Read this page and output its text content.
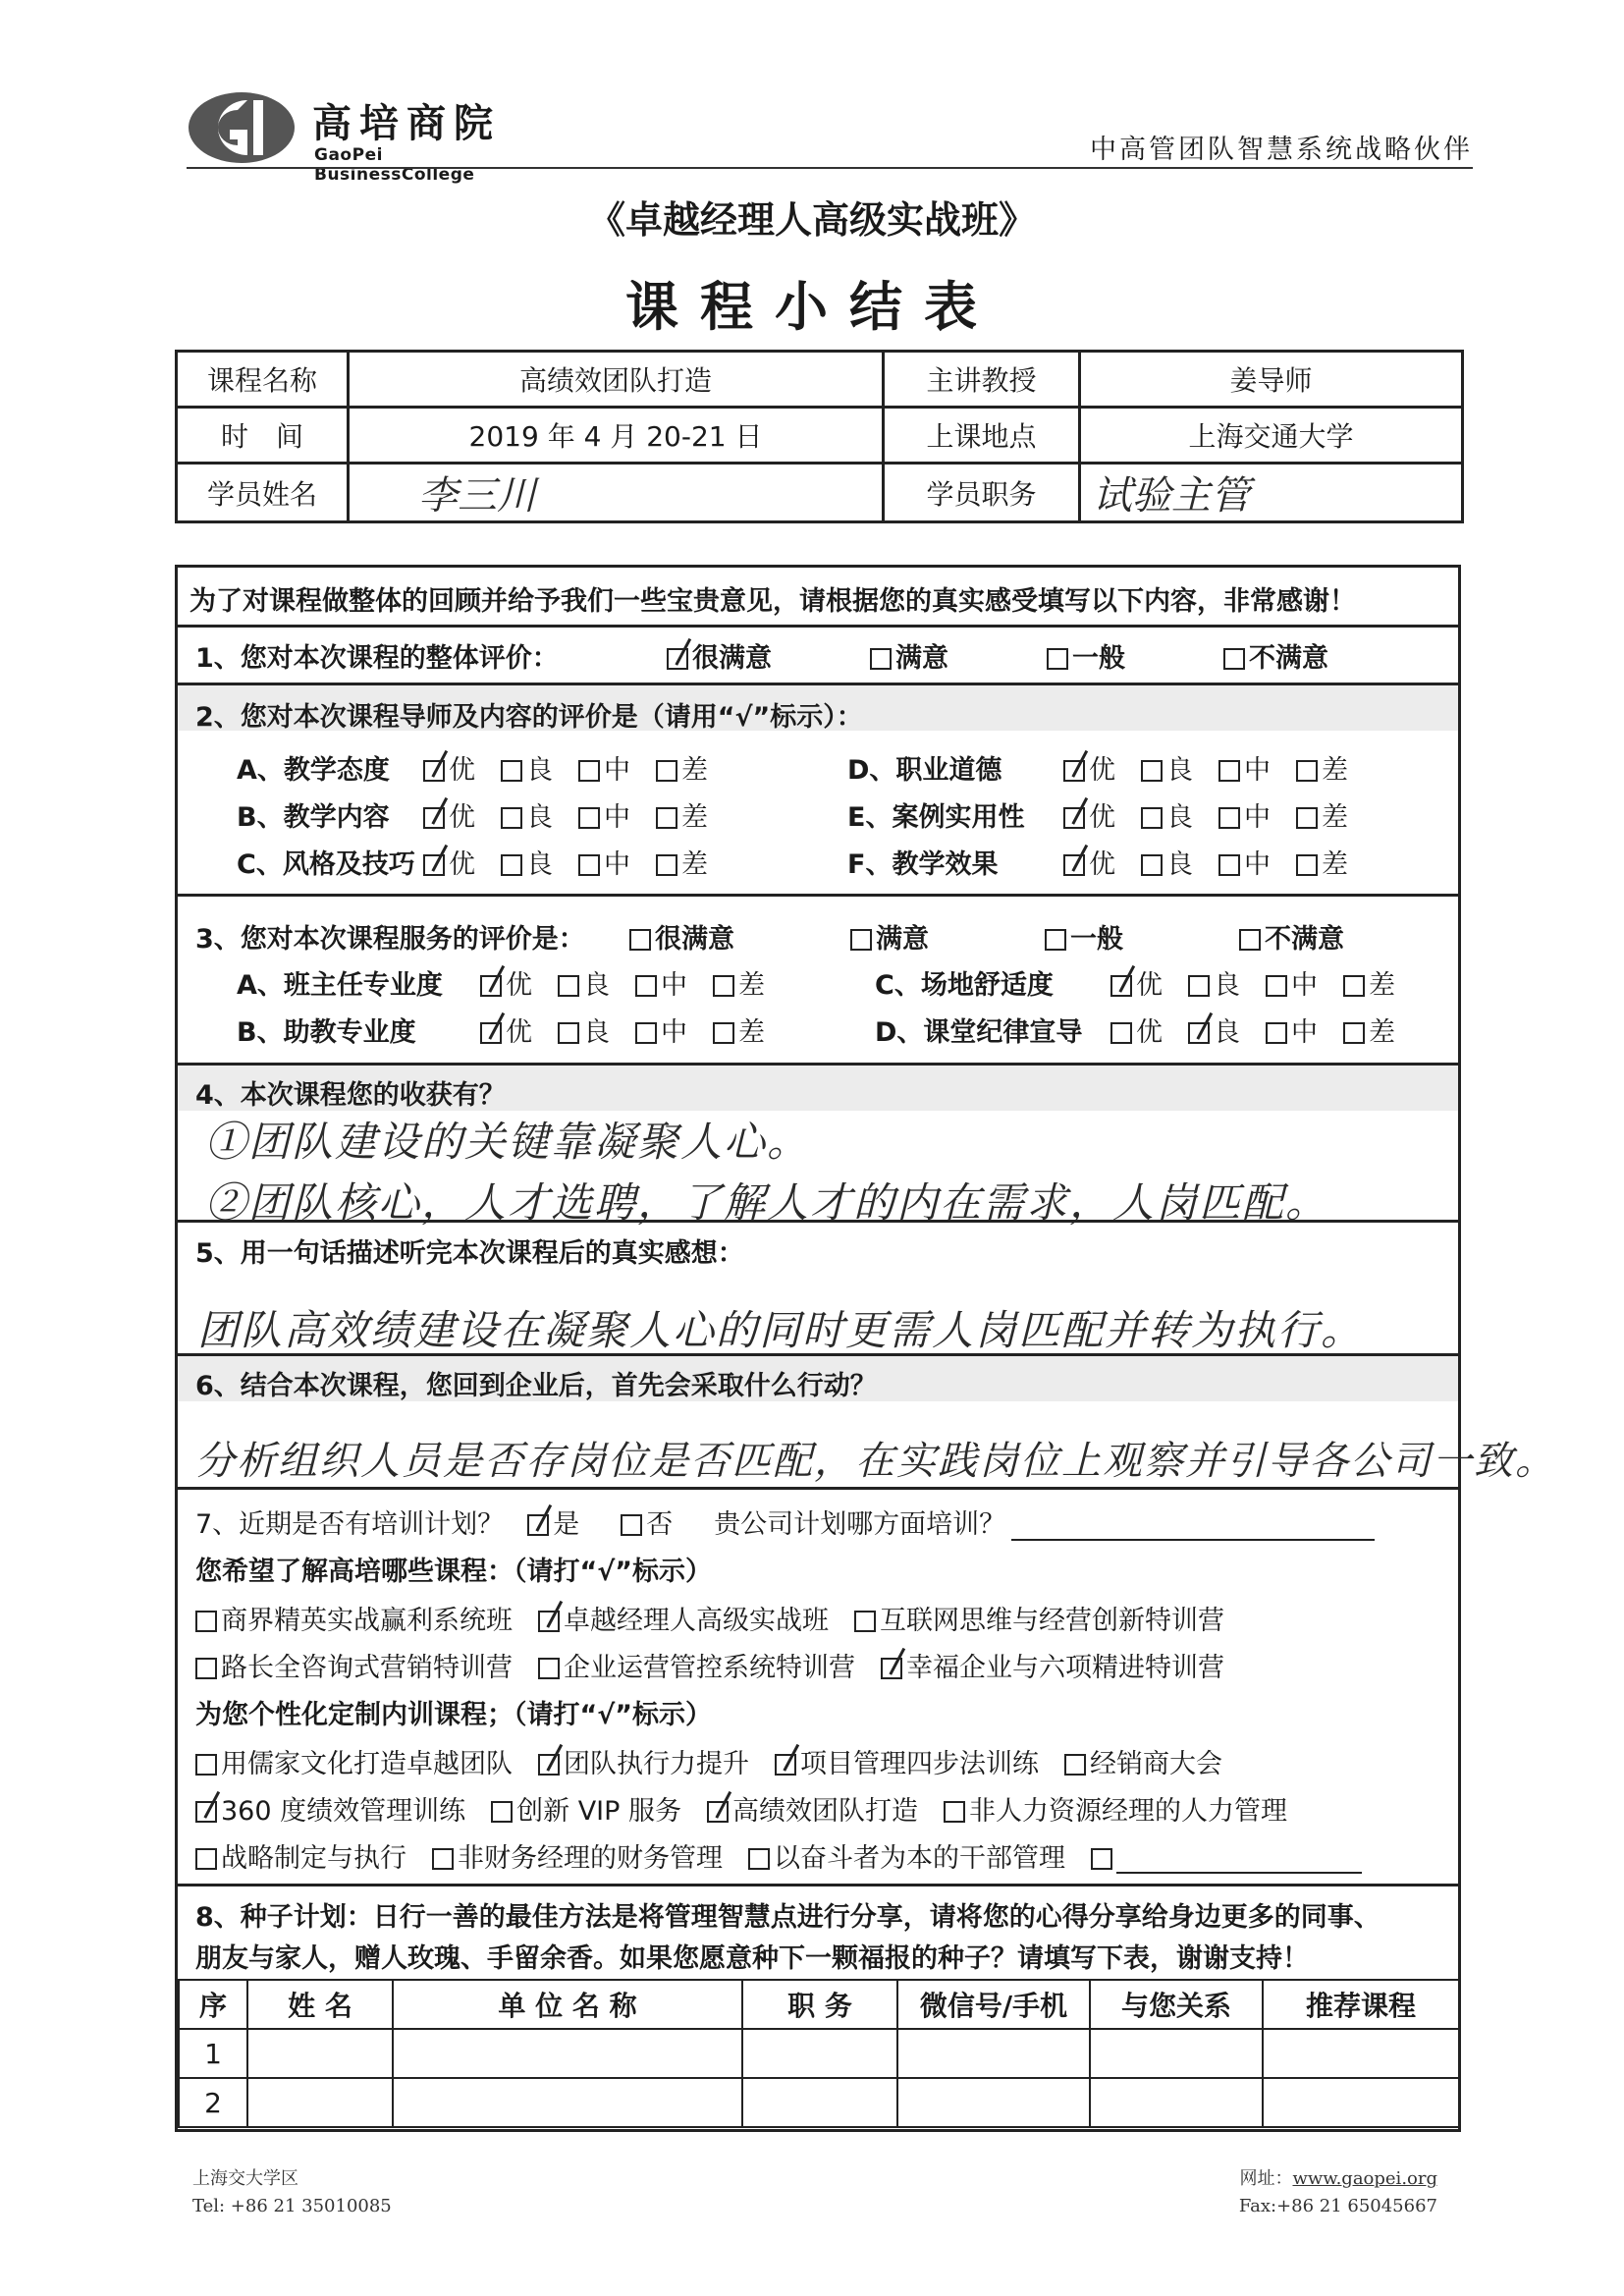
高培商院
GaoPei BusinessCollege
中高管团队智慧系统战略伙伴
《卓越经理人高级实战班》
课程小结表
课程名称	高绩效团队打造	主讲教授	姜导师
时　间	2019 年 4 月 20-21 日	上课地点	上海交通大学
学员姓名	李三川	学员职务	试验主管
为了对课程做整体的回顾并给予我们一些宝贵意见，请根据您的真实感受填写以下内容，非常感谢！
1、您对本次课程的整体评价：	很满意	满意	一般	不满意
2、您对本次课程导师及内容的评价是（请用“√”标示）：
A、教学态度 优 良 中 差	D、职业道德	优 良 中 差
B、教学内容 优 良 中 差	E、案例实用性 优 良 中 差
C、风格及技巧 优 良 中 差	F、教学效果	优 良 中 差
3、您对本次课程服务的评价是：	很满意	满意	一般	不满意
A、班主任专业度 优 良 中 差	C、场地舒适度	优 良 中 差
B、助教专业度	优 良 中 差	D、课堂纪律宣导 优 良 中 差
4、本次课程您的收获有？
①团队建设的关键靠凝聚人心。
②团队核心，人才选聘，了解人才的内在需求，人岗匹配。
5、用一句话描述听完本次课程后的真实感想：
团队高效绩建设在凝聚人心的同时更需人岗匹配并转为执行。
6、结合本次课程，您回到企业后，首先会采取什么行动？
分析组织人员是否存岗位是否匹配，在实践岗位上观察并引导各公司一致。
7、近期是否有培训计划？ 是	否 贵公司计划哪方面培训？
您希望了解高培哪些课程：（请打“√”标示）
商界精英实战赢利系统班 卓越经理人高级实战班 互联网思维与经营创新特训营
路长全咨询式营销特训营 企业运营管控系统特训营 幸福企业与六项精进特训营
为您个性化定制内训课程；（请打“√”标示）
用儒家文化打造卓越团队 团队执行力提升 项目管理四步法训练 经销商大会
360 度绩效管理训练 创新 VIP 服务 高绩效团队打造 非人力资源经理的人力管理
战略制定与执行 非财务经理的财务管理 以奋斗者为本的干部管理
8、种子计划：日行一善的最佳方法是将管理智慧点进行分享，请将您的心得分享给身边更多的同事、
朋友与家人，赠人玫瑰、手留余香。如果您愿意种下一颗福报的种子？请填写下表，谢谢支持！
序	姓 名	单 位 名 称	职 务	微信号/手机	与您关系	推荐课程
1						
2						
上海交大学区
Tel: +86 21 35010085
网址：www.gaopei.org
Fax:+86 21 65045667
